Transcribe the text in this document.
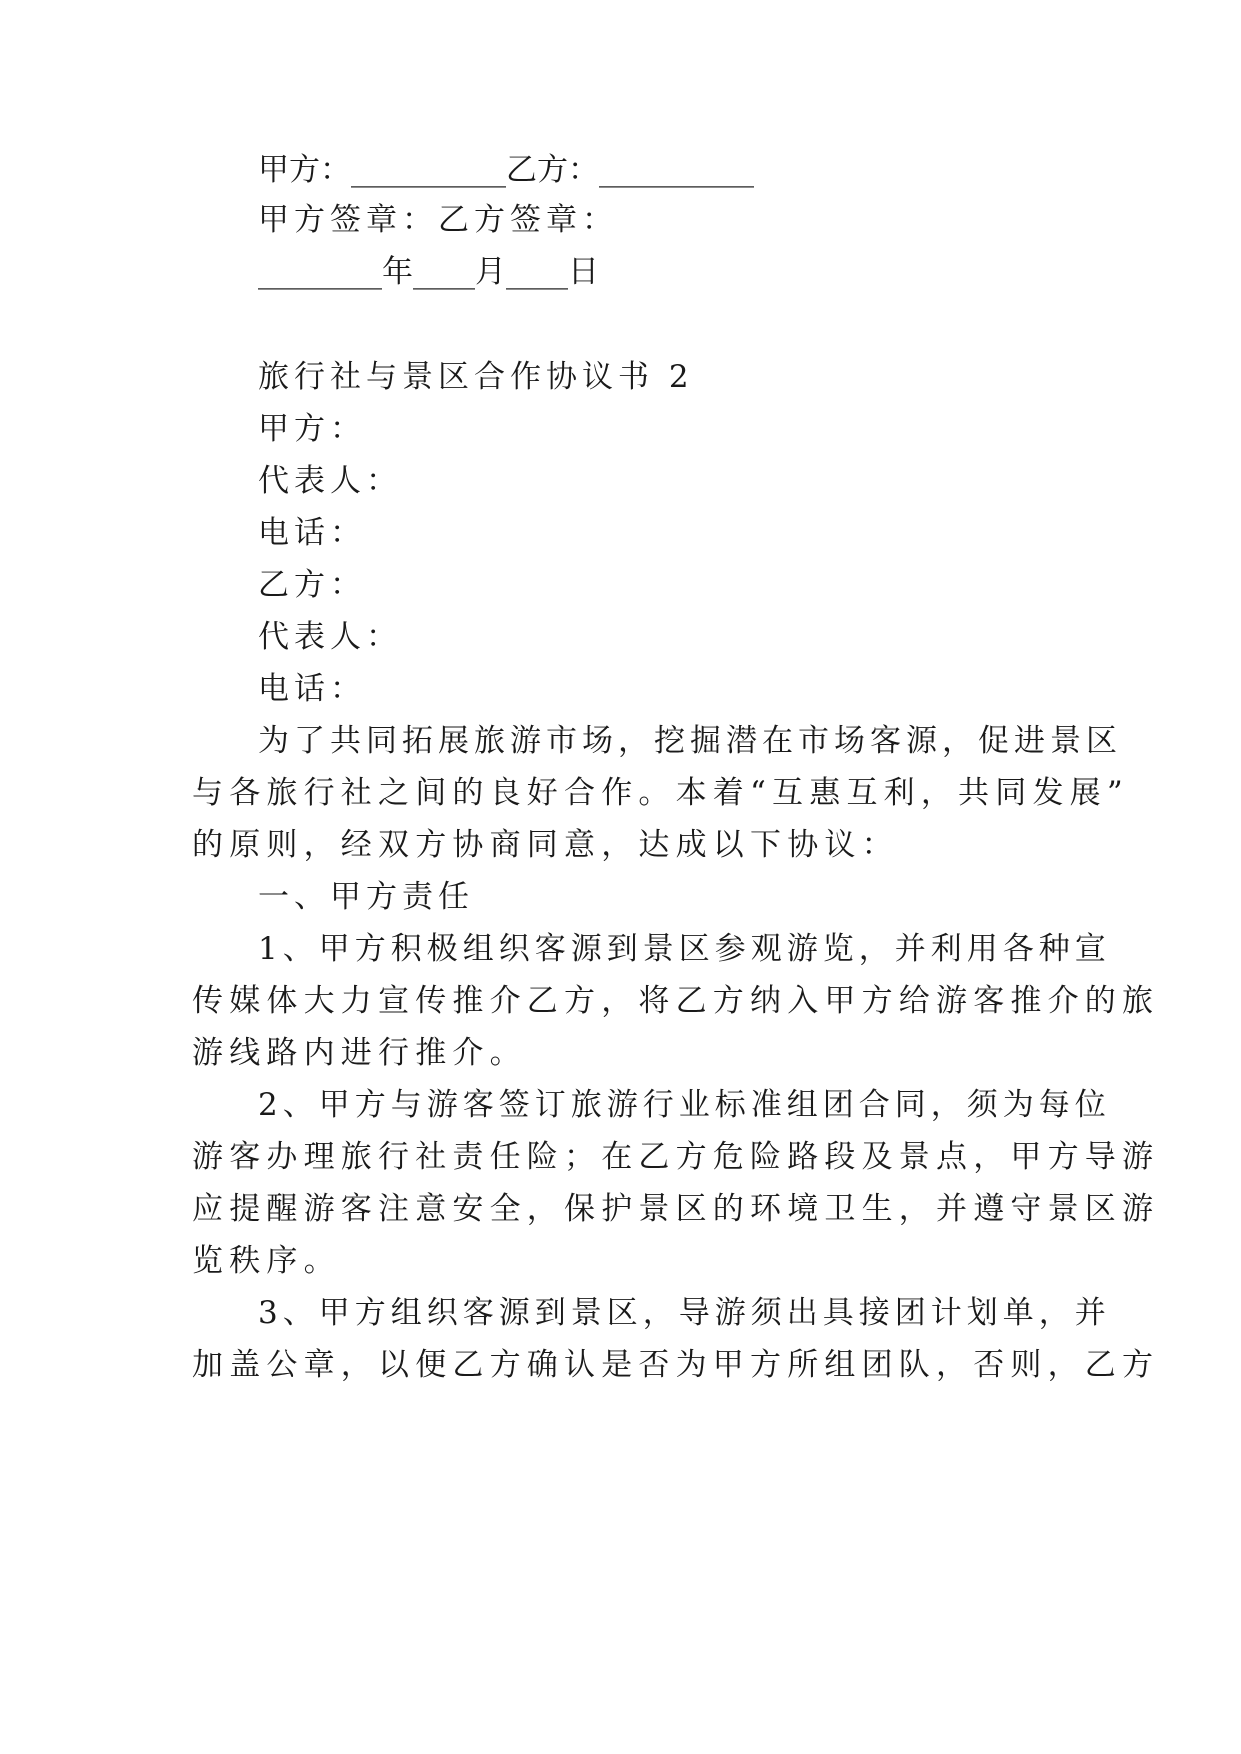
甲方：__________乙方：__________
甲方签章：乙方签章：
________年____月____日
旅行社与景区合作协议书 2
甲方：
代表人：
电话：
乙方：
代表人：
电话：
为了共同拓展旅游市场，挖掘潜在市场客源，促进景区
与各旅行社之间的良好合作。本着“互惠互利，共同发展”
的原则，经双方协商同意，达成以下协议：
一、甲方责任
1、甲方积极组织客源到景区参观游览，并利用各种宣
传媒体大力宣传推介乙方，将乙方纳入甲方给游客推介的旅
游线路内进行推介。
2、甲方与游客签订旅游行业标准组团合同，须为每位
游客办理旅行社责任险；在乙方危险路段及景点，甲方导游
应提醒游客注意安全，保护景区的环境卫生，并遵守景区游
览秩序。
3、甲方组织客源到景区，导游须出具接团计划单，并
加盖公章，以便乙方确认是否为甲方所组团队，否则，乙方
